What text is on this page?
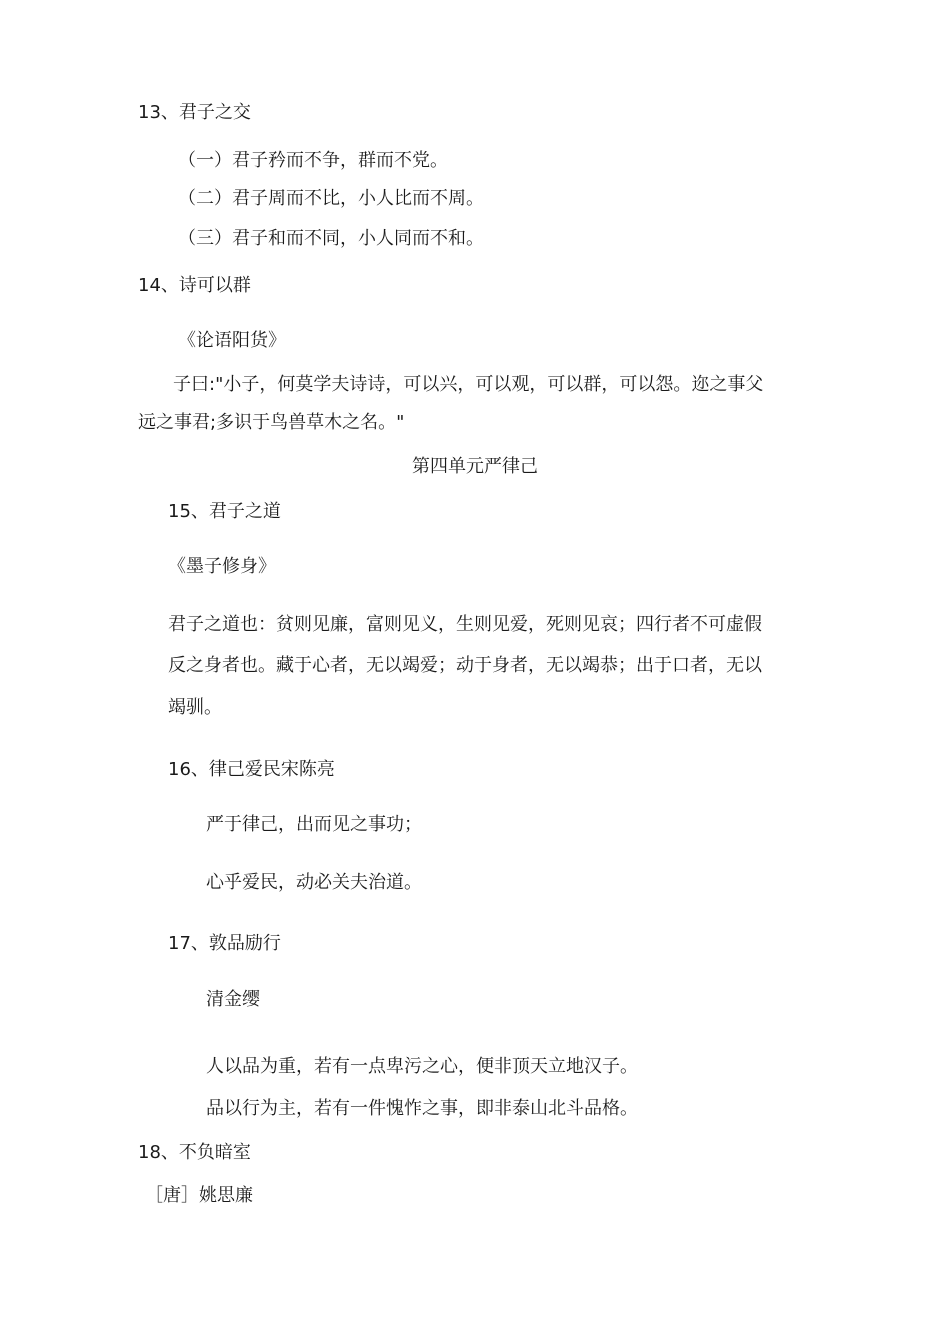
13、君子之交
（一）君子矜而不争，群而不党。
（二）君子周而不比，小人比而不周。
（三）君子和而不同，小人同而不和。
14、诗可以群
《论语阳货》
子曰:"小子，何莫学夫诗诗，可以兴，可以观，可以群，可以怨。迩之事父
远之事君;多识于鸟兽草木之名。"
第四单元严律己
15、君子之道
《墨子修身》
君子之道也：贫则见廉，富则见义，生则见爱，死则见哀；四行者不可虚假
反之身者也。藏于心者，无以竭爱；动于身者，无以竭恭；出于口者，无以
竭驯。
16、律己爱民宋陈亮
严于律己，出而见之事功；
心乎爱民，动必关夫治道。
17、敦品励行
清金缨
人以品为重，若有一点卑污之心，便非顶天立地汉子。
品以行为主，若有一件愧怍之事，即非泰山北斗品格。
18、不负暗室
［唐］姚思廉
